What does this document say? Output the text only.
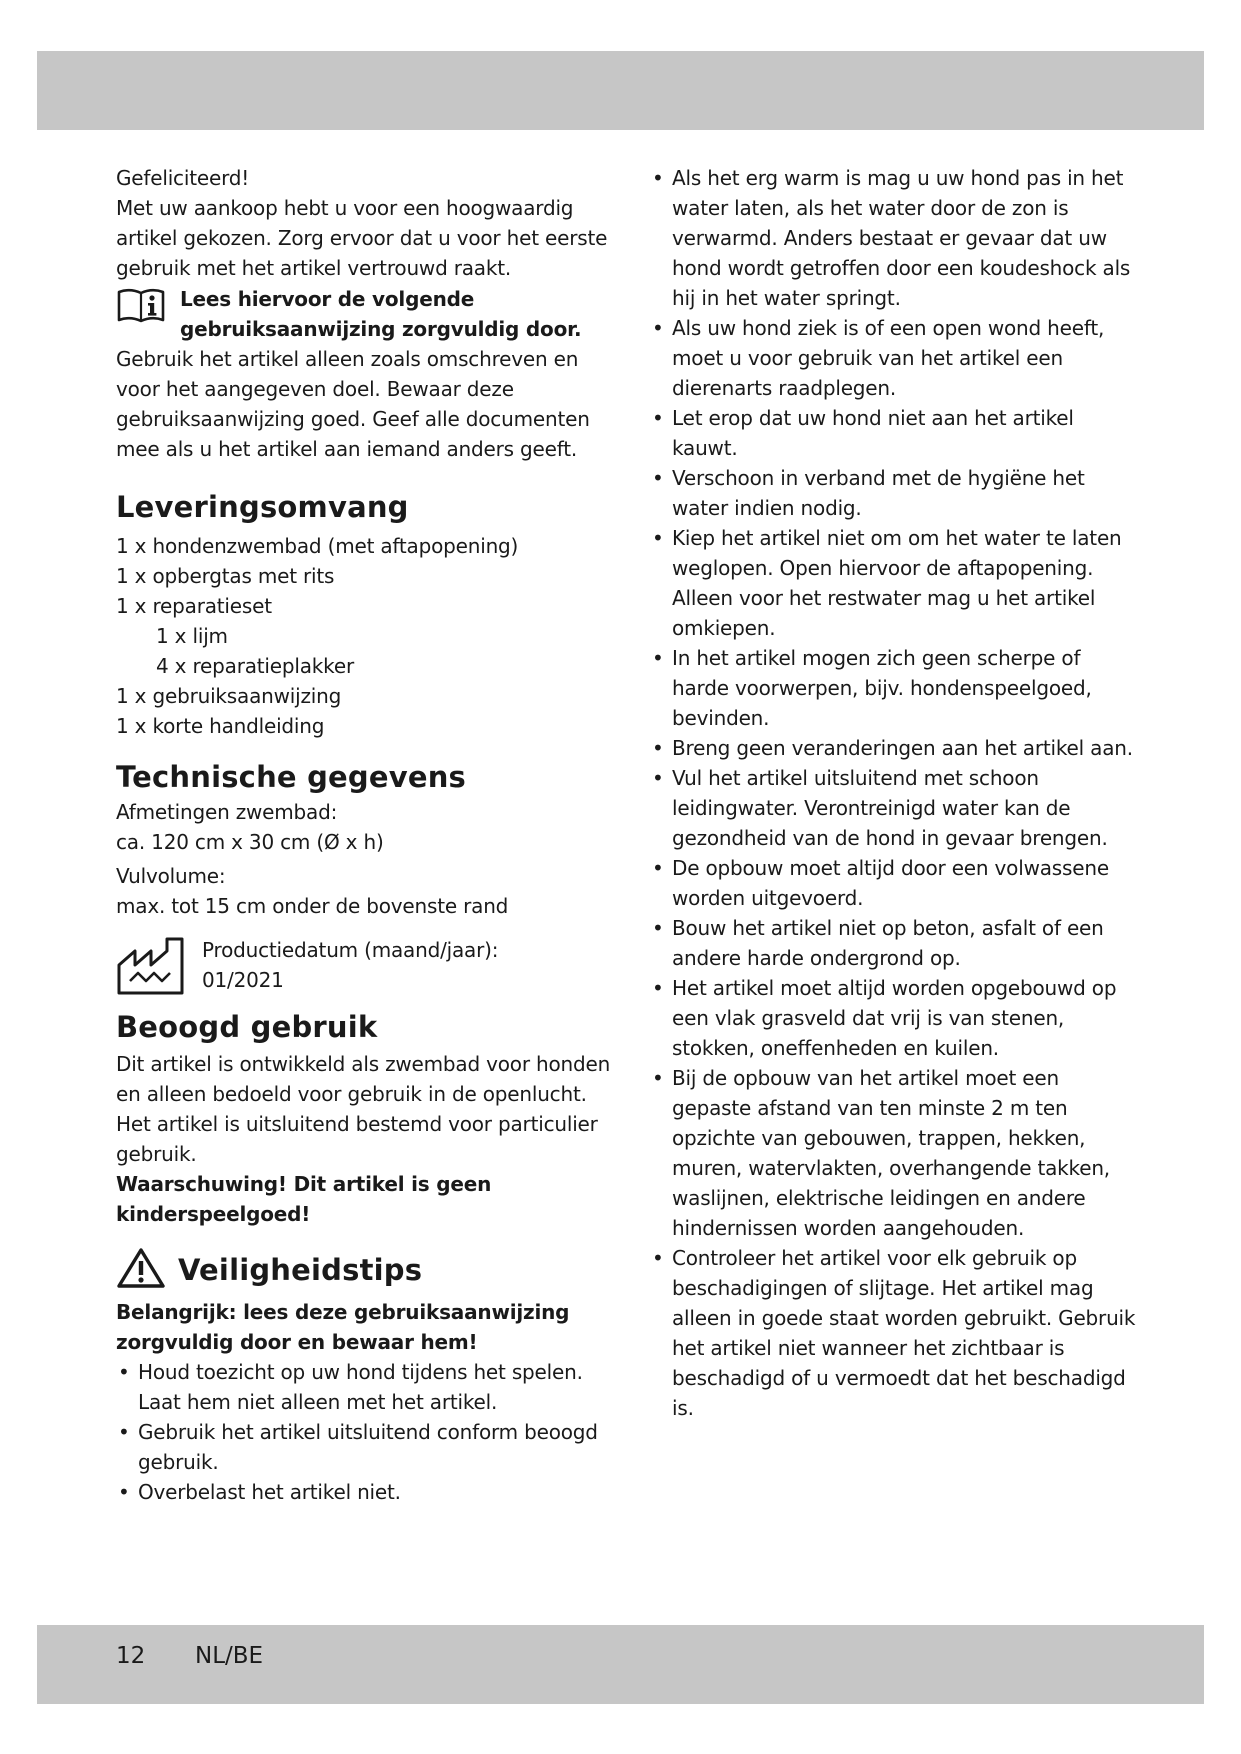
Gefeliciteerd!

Met uw aankoop hebt u voor een hoogwaardig artikel gekozen. Zorg ervoor dat u voor het eerste gebruik met het artikel vertrouwd raakt.

Lees hiervoor de volgende gebruiksaanwijzing zorgvuldig door.

Gebruik het artikel alleen zoals omschreven en voor het aangegeven doel. Bewaar deze gebruiksaanwijzing goed. Geef alle documenten mee als u het artikel aan iemand anders geeft.

Leveringsomvang

1 x hondenzwembad (met aftapopening)

1 x opbergtas met rits

1 x reparatieset

1 x lijm

4 x reparatieplakker

1 x gebruiksaanwijzing

1 x korte handleiding

Technische gegevens

Afmetingen zwembad:

ca. 120 cm x 30 cm (Ø x h)

Vulvolume:

max. tot 15 cm onder de bovenste rand

Productiedatum (maand/jaar):

01/2021

Beoogd gebruik

Dit artikel is ontwikkeld als zwembad voor honden en alleen bedoeld voor gebruik in de openlucht. Het artikel is uitsluitend bestemd voor particulier gebruik.

Waarschuwing! Dit artikel is geen kinderspeelgoed!

Veiligheidstips

Belangrijk: lees deze gebruiksaanwijzing zorgvuldig door en bewaar hem!

• Houd toezicht op uw hond tijdens het spelen. Laat hem niet alleen met het artikel.
• Gebruik het artikel uitsluitend conform beoogd gebruik.
• Overbelast het artikel niet.
• Als het erg warm is mag u uw hond pas in het water laten, als het water door de zon is verwarmd. Anders bestaat er gevaar dat uw hond wordt getroffen door een koudeshock als hij in het water springt.
• Als uw hond ziek is of een open wond heeft, moet u voor gebruik van het artikel een dierenarts raadplegen.
• Let erop dat uw hond niet aan het artikel kauwt.
• Verschoon in verband met de hygiëne het water indien nodig.
• Kiep het artikel niet om om het water te laten weglopen. Open hiervoor de aftapopening. Alleen voor het restwater mag u het artikel omkiepen.
• In het artikel mogen zich geen scherpe of harde voorwerpen, bijv. hondenspeelgoed, bevinden.
• Breng geen veranderingen aan het artikel aan.
• Vul het artikel uitsluitend met schoon leidingwater. Verontreinigd water kan de gezondheid van de hond in gevaar brengen.
• De opbouw moet altijd door een volwassene worden uitgevoerd.
• Bouw het artikel niet op beton, asfalt of een andere harde ondergrond op.
• Het artikel moet altijd worden opgebouwd op een vlak grasveld dat vrij is van stenen, stokken, oneffenheden en kuilen.
• Bij de opbouw van het artikel moet een gepaste afstand van ten minste 2 m ten opzichte van gebouwen, trappen, hekken, muren, watervlakten, overhangende takken, waslijnen, elektrische leidingen en andere hindernissen worden aangehouden.
• Controleer het artikel voor elk gebruik op beschadigingen of slijtage. Het artikel mag alleen in goede staat worden gebruikt. Gebruik het artikel niet wanneer het zichtbaar is beschadigd of u vermoedt dat het beschadigd is.
12 NL/BE
